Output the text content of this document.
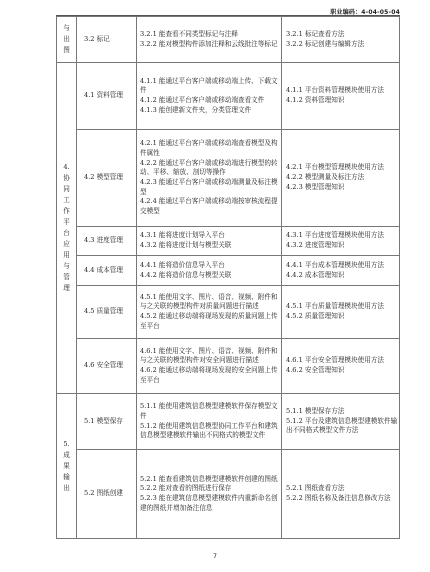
职业编码：4-04-05-04
与出图	3.2 标记	3.2.1 能查看不同类型标记与注释
3.2.2 能对模型构件添加注释和云线批注等标记	3.2.1 标记查看方法
3.2.2 标记创建与编辑方法
4.协同工作平台应用与管理	4.1 资料管理	4.1.1 能通过平台客户端或移动端上传、下载文件
4.1.2 能通过平台客户端或移动端查看文件
4.1.3 能创建新文件夹，分类管理文件	4.1.1 平台资料管理模块使用方法
4.1.2 资料管理知识
	4.2 模型管理	4.2.1 能通过平台客户端或移动端查看模型及构件属性
4.2.2 能通过平台客户端或移动端进行模型的转动、平移、缩放、剖切等操作
4.2.3 能通过平台客户端或移动端测量及标注模型
4.2.4 能通过平台客户端或移动端按审核流程提交模型	4.2.1 平台模型管理模块使用方法
4.2.2 模型测量及标注方法
4.2.3 模型管理知识
	4.3 进度管理	4.3.1 能将进度计划导入平台
4.3.2 能将进度计划与模型关联	4.3.1 平台进度管理模块使用方法
4.3.2 进度管理知识
	4.4 成本管理	4.4.1 能将造价信息导入平台
4.4.2 能将造价信息与模型关联	4.4.1 平台成本管理模块使用方法
4.4.2 成本管理知识
	4.5 质量管理	4.5.1 能使用文字、图片、语音、视频、附件和与之关联的模型构件对质量问题进行描述
4.5.2 能通过移动端将现场发现的质量问题上传至平台	4.5.1 平台质量管理模块使用方法
4.5.2 质量管理知识
	4.6 安全管理	4.6.1 能使用文字、图片、语音、视频、附件和与之关联的模型构件对安全问题进行描述
4.6.2 能通过移动端将现场发现的安全问题上传至平台	4.6.1 平台安全管理模块使用方法
4.6.2 安全管理知识
5.成果输出	5.1 模型保存	5.1.1 能使用建筑信息模型建模软件保存模型文件
5.1.2 能使用建筑信息模型协同工作平台和建筑信息模型建模软件输出不同格式的模型文件	5.1.1 模型保存方法
5.1.2 平台及建筑信息模型建模软件输出不同格式模型文件方法
	5.2 图纸创建	5.2.1 能查看建筑信息模型建模软件创建的图纸
5.2.2 能对查看的图纸进行保存
5.2.3 能在建筑信息模型建模软件内重新命名创建的图纸并增加备注信息	5.2.1 图纸查看方法
5.2.2 图纸名称及备注信息修改方法
7
